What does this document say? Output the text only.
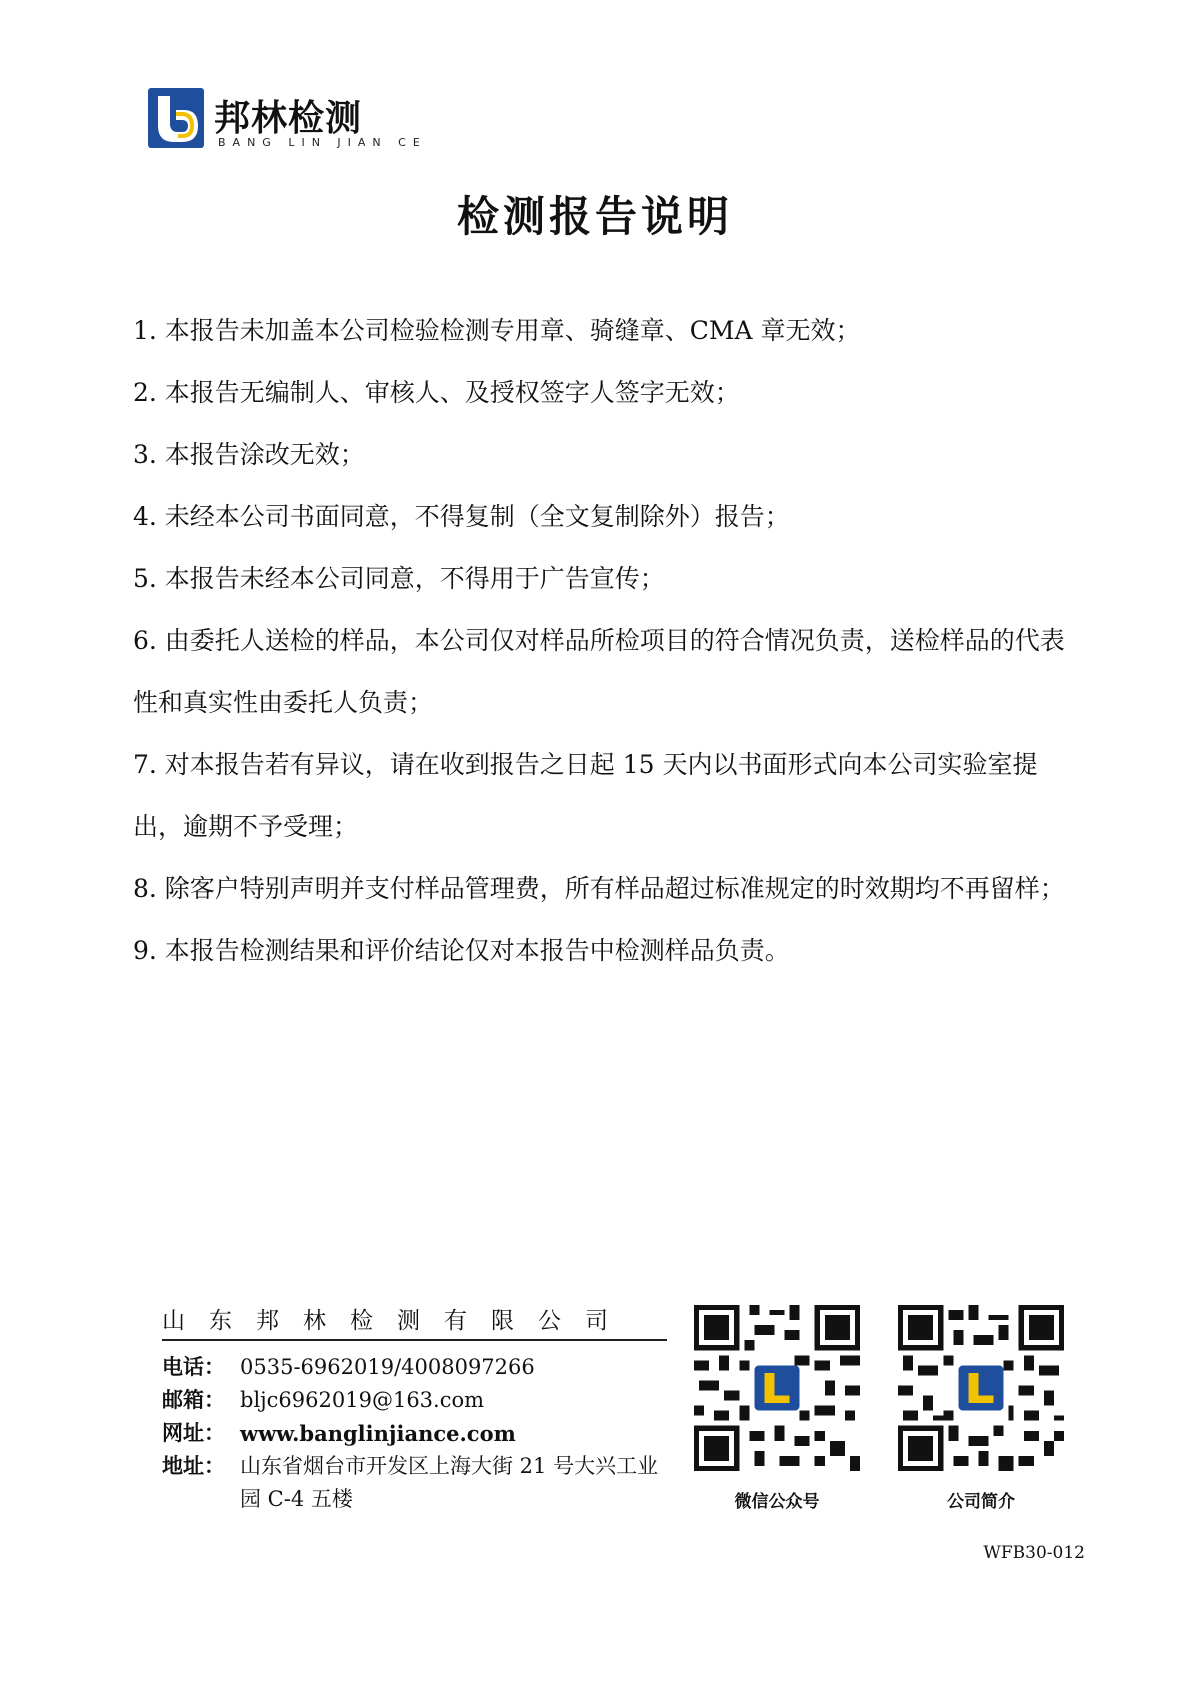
邦林检测
BANG LIN JIAN CE
检测报告说明
1. 本报告未加盖本公司检验检测专用章、骑缝章、CMA 章无效；
2. 本报告无编制人、审核人、及授权签字人签字无效；
3. 本报告涂改无效；
4. 未经本公司书面同意，不得复制（全文复制除外）报告；
5. 本报告未经本公司同意，不得用于广告宣传；
6. 由委托人送检的样品，本公司仅对样品所检项目的符合情况负责，送检样品的代表性和真实性由委托人负责；
7. 对本报告若有异议，请在收到报告之日起 15 天内以书面形式向本公司实验室提出，逾期不予受理；
8. 除客户特别声明并支付样品管理费，所有样品超过标准规定的时效期均不再留样；
9. 本报告检测结果和评价结论仅对本报告中检测样品负责。
山东邦林检测有限公司
电话： 0535-6962019/4008097266
邮箱： bljc6962019@163.com
网址： www.banglinjiance.com
地址： 山东省烟台市开发区上海大街 21 号大兴工业园 C-4 五楼	微信公众号	公司简介
WFB30-012
